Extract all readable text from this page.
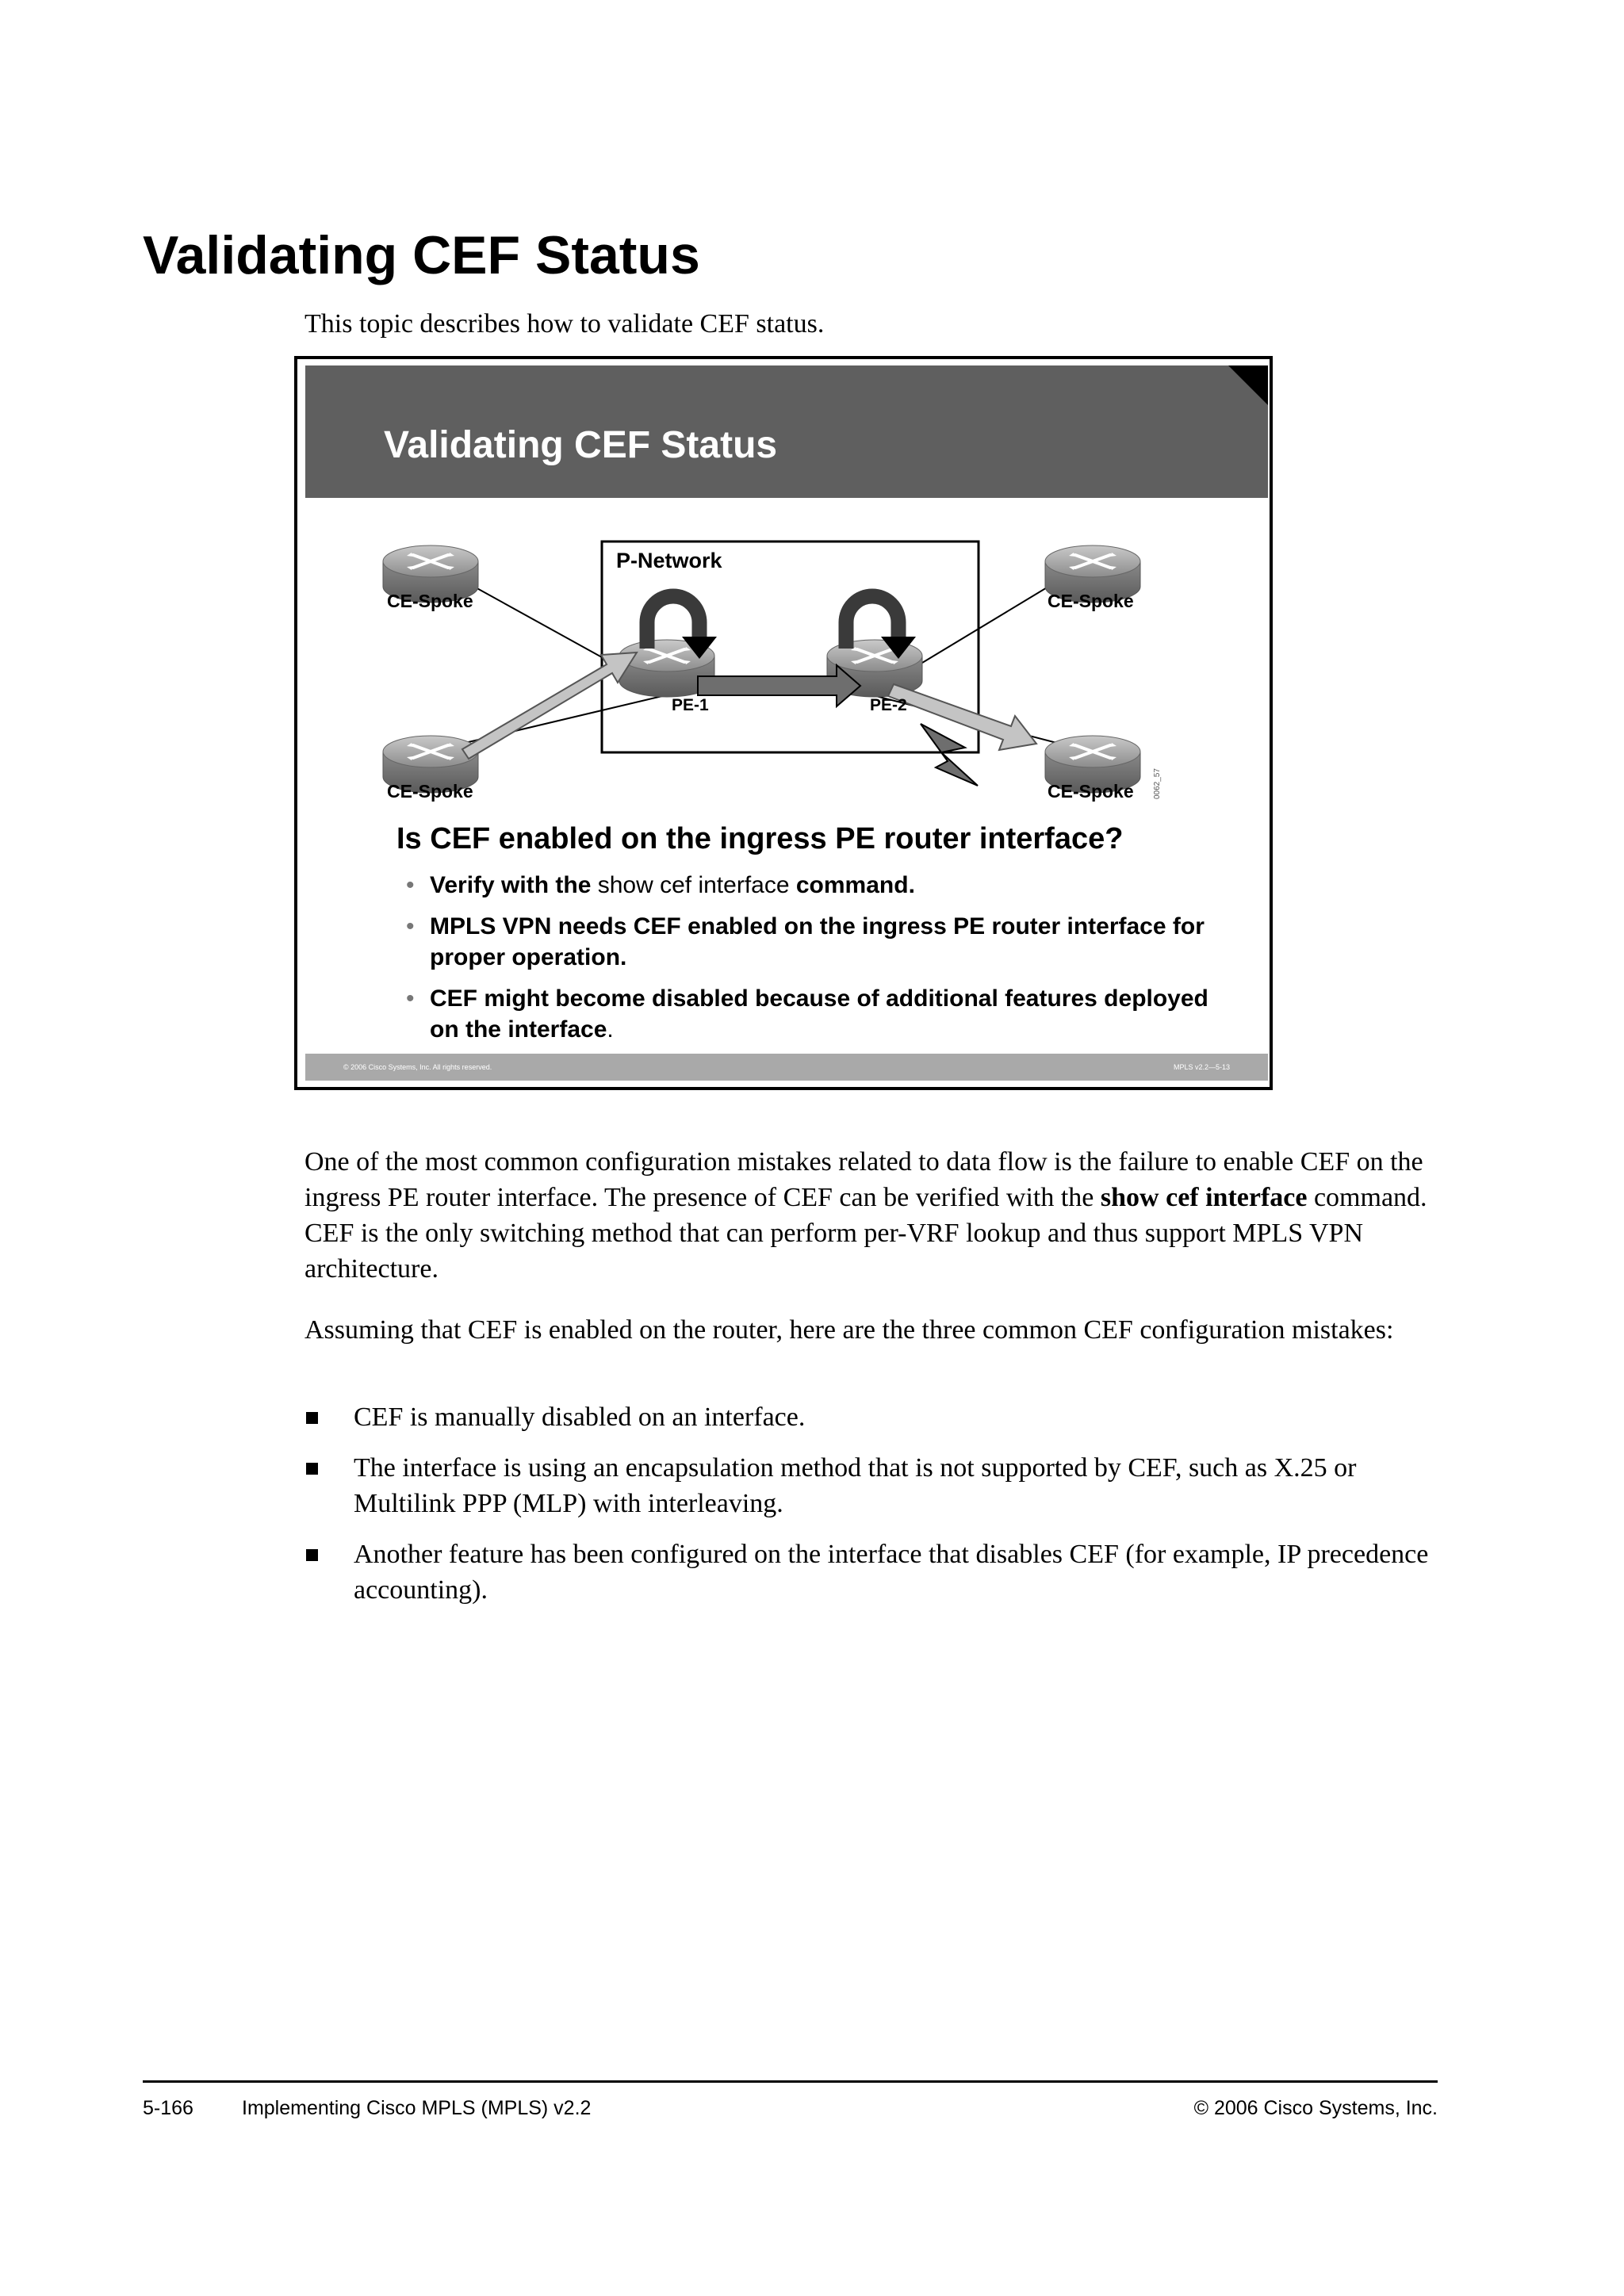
Validating CEF Status

This topic describes how to validate CEF status.

Validating CEF Status
P-Network
CE-Spoke
CE-Spoke
CE-Spoke
CE-Spoke
PE-1	PE-2
0062_57

Is CEF enabled on the ingress PE router interface?

• Verify with the show cef interface command.
• MPLS VPN needs CEF enabled on the ingress PE router interface for proper operation.
• CEF might become disabled because of additional features deployed on the interface.
© 2006 Cisco Systems, Inc. All rights reserved.	MPLS v2.2—5-13

One of the most common configuration mistakes related to data flow is the failure to enable CEF on the ingress PE router interface. The presence of CEF can be verified with the show cef interface command. CEF is the only switching method that can perform per-VRF lookup and thus support MPLS VPN architecture.

Assuming that CEF is enabled on the router, here are the three common CEF configuration mistakes:

CEF is manually disabled on an interface.
The interface is using an encapsulation method that is not supported by CEF, such as X.25 or Multilink PPP (MLP) with interleaving.
Another feature has been configured on the interface that disables CEF (for example, IP precedence accounting).

5-166 Implementing Cisco MPLS (MPLS) v2.2	© 2006 Cisco Systems, Inc.
